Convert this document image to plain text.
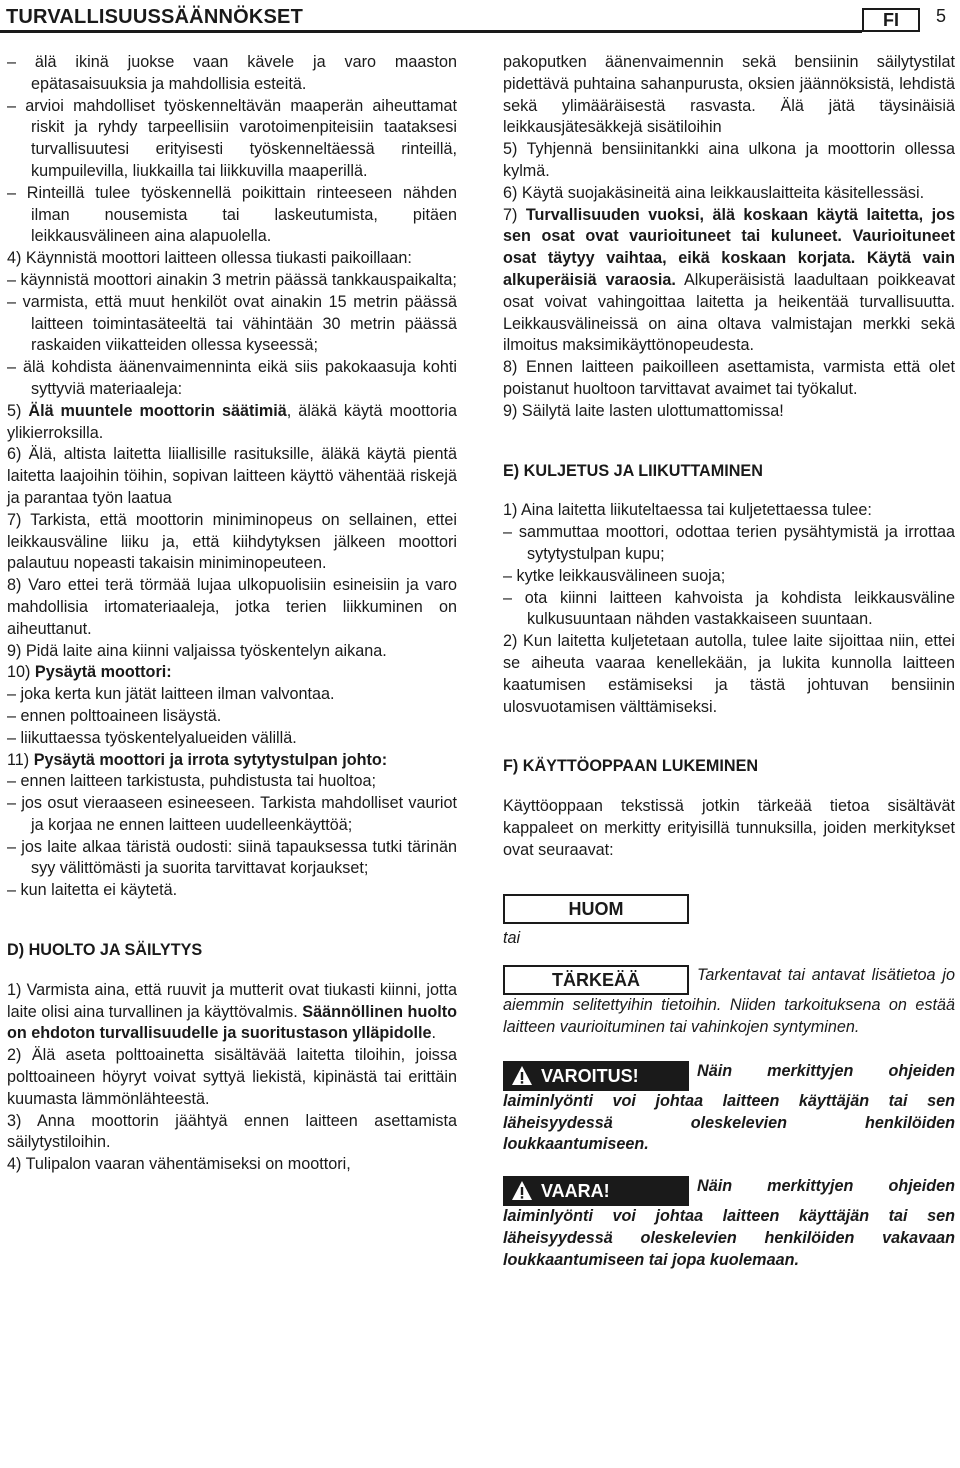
TURVALLISUUSSÄÄNNÖKSET	FI	5

– älä ikinä juokse vaan kävele ja varo maaston epätasaisuuksia ja mahdollisia esteitä.

– arvioi mahdolliset työskenneltävän maaperän aiheuttamat riskit ja ryhdy tarpeellisiin varotoimenpiteisiin taataksesi turvallisuutesi erityisesti työskenneltäessä rinteillä, kumpuilevilla, liukkailla tai liikkuvilla maaperillä.

– Rinteillä tulee työskennellä poikittain rinteeseen nähden ilman nousemista tai laskeutumista, pitäen leikkausvälineen aina alapuolella.

4) Käynnistä moottori laitteen ollessa tiukasti paikoillaan:

– käynnistä moottori ainakin 3 metrin päässä tankkauspaikalta;

– varmista, että muut henkilöt ovat ainakin 15 metrin päässä laitteen toimintasäteeltä tai vähintään 30 metrin päässä raskaiden viikatteiden ollessa kyseessä;

– älä kohdista äänenvaimenninta eikä siis pakokaasuja kohti syttyviä materiaaleja:

5) Älä muuntele moottorin säätimiä, äläkä käytä moottoria ylikierroksilla.

6) Älä, altista laitetta liiallisille rasituksille, äläkä käytä pientä laitetta laajoihin töihin, sopivan laitteen käyttö vähentää riskejä ja parantaa työn laatua

7) Tarkista, että moottorin miniminopeus on sellainen, ettei leikkausväline liiku ja, että kiihdytyksen jälkeen moottori palautuu nopeasti takaisin miniminopeuteen.

8) Varo ettei terä törmää lujaa ulkopuolisiin esineisiin ja varo mahdollisia irtomateriaaleja, jotka terien liikkuminen on aiheuttanut.

9) Pidä laite aina kiinni valjaissa työskentelyn aikana.

10) Pysäytä moottori:

– joka kerta kun jätät laitteen ilman valvontaa.

– ennen polttoaineen lisäystä.

– liikuttaessa työskentelyalueiden välillä.

11) Pysäytä moottori ja irrota sytytystulpan johto:

– ennen laitteen tarkistusta, puhdistusta tai huoltoa;

– jos osut vieraaseen esineeseen. Tarkista mahdolliset vauriot ja korjaa ne ennen laitteen uudelleenkäyttöä;

– jos laite alkaa täristä oudosti: siinä tapauksessa tutki tärinän syy välittömästi ja suorita tarvittavat korjaukset;

– kun laitetta ei käytetä.

D) HUOLTO JA SÄILYTYS

1) Varmista aina, että ruuvit ja mutterit ovat tiukasti kiinni, jotta laite olisi aina turvallinen ja käyttövalmis. Säännöllinen huolto on ehdoton turvallisuudelle ja suoritustason ylläpidolle.

2) Älä aseta polttoainetta sisältävää laitetta tiloihin, joissa polttoaineen höyryt voivat syttyä liekistä, kipinästä tai erittäin kuumasta lämmönlähteestä.

3) Anna moottorin jäähtyä ennen laitteen asettamista säilytystiloihin.

4) Tulipalon vaaran vähentämiseksi on moottori,

pakoputken äänenvaimennin sekä bensiinin säilytystilat pidettävä puhtaina sahanpurusta, oksien jäännöksistä, lehdistä sekä ylimääräisestä rasvasta. Älä jätä täysinäisiä leikkausjätesäkkejä sisätiloihin

5) Tyhjennä bensiinitankki aina ulkona ja moottorin ollessa kylmä.

6) Käytä suojakäsineitä aina leikkauslaitteita käsitellessäsi.

7) Turvallisuuden vuoksi, älä koskaan käytä laitetta, jos sen osat ovat vaurioituneet tai kuluneet. Vaurioituneet osat täytyy vaihtaa, eikä koskaan korjata. Käytä vain alkuperäisiä varaosia. Alkuperäisistä laadultaan poikkeavat osat voivat vahingoittaa laitetta ja heikentää turvallisuutta. Leikkausvälineissä on aina oltava valmistajan merkki sekä ilmoitus maksimikäyttönopeudesta.

8) Ennen laitteen paikoilleen asettamista, varmista että olet poistanut huoltoon tarvittavat avaimet tai työkalut.

9) Säilytä laite lasten ulottumattomissa!

E) KULJETUS JA LIIKUTTAMINEN

1) Aina laitetta liikuteltaessa tai kuljetettaessa tulee:

– sammuttaa moottori, odottaa terien pysähtymistä ja irrottaa sytytystulpan kupu;

– kytke leikkausvälineen suoja;

– ota kiinni laitteen kahvoista ja kohdista leikkausväline kulkusuuntaan nähden vastakkaiseen suuntaan.

2) Kun laitetta kuljetetaan autolla, tulee laite sijoittaa niin, ettei se aiheuta vaaraa kenellekään, ja lukita kunnolla laitteen kaatumisen estämiseksi ja tästä johtuvan bensiinin ulosvuotamisen välttämiseksi.

F) KÄYTTÖOPPAAN LUKEMINEN

Käyttöoppaan tekstissä jotkin tärkeää tietoa sisältävät kappaleet on merkitty erityisillä tunnuksilla, joiden merkitykset ovat seuraavat:

HUOM

tai

TÄRKEÄÄ	Tarkentavat tai antavat lisätietoa jo aiemmin selitettyihin tietoihin. Niiden tarkoituksena on estää laitteen vaurioituminen tai vahinkojen syntyminen.

VAROITUS!	Näin merkittyjen ohjeiden laiminlyönti voi johtaa laitteen käyttäjän tai sen läheisyydessä oleskelevien henkilöiden loukkaantumiseen.

VAARA!	Näin merkittyjen ohjeiden laiminlyönti voi johtaa laitteen käyttäjän tai sen läheisyydessä oleskelevien henkilöiden vakavaan loukkaantumiseen tai jopa kuolemaan.
